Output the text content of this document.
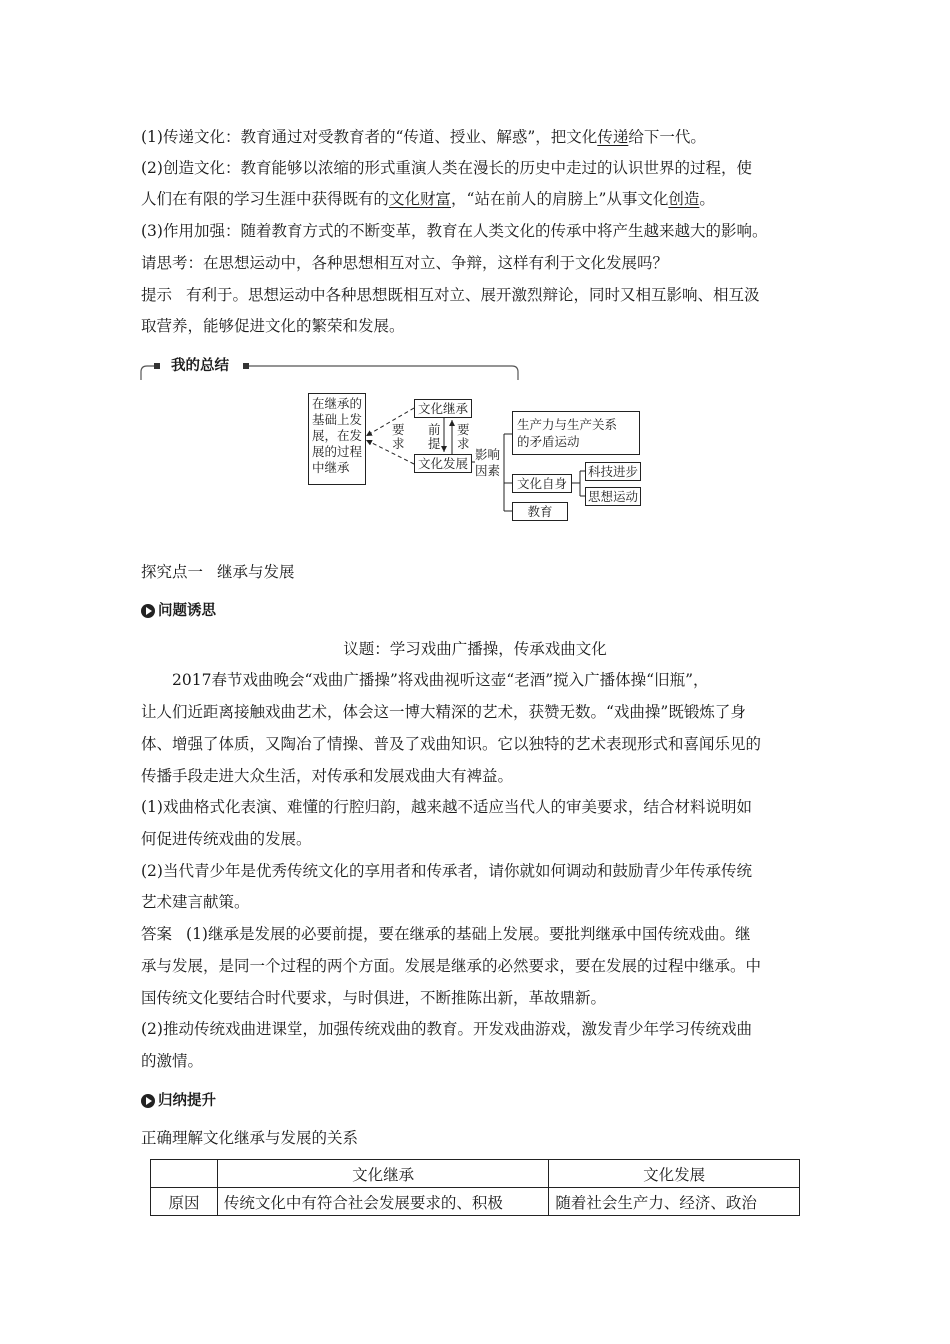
(1)传递文化：教育通过对受教育者的“传道、授业、解惑”，把文化传递给下一代。
(2)创造文化：教育能够以浓缩的形式重演人类在漫长的历史中走过的认识世界的过程，使
人们在有限的学习生涯中获得既有的文化财富，“站在前人的肩膀上”从事文化创造。
(3)作用加强：随着教育方式的不断变革，教育在人类文化的传承中将产生越来越大的影响。
请思考：在思想运动中，各种思想相互对立、争辩，这样有利于文化发展吗？
提示 有利于。思想运动中各种思想既相互对立、展开激烈辩论，同时又相互影响、相互汲
取营养，能够促进文化的繁荣和发展。
我的总结
在继承的
基础上发
展，在发
展的过程
中继承
文化继承
文化发展
要
求
前
提
要
求
影响
因素
生产力与生产关系
的矛盾运动
文化自身
科技进步
思想运动
教育
探究点一 继承与发展
问题诱思
议题：学习戏曲广播操，传承戏曲文化
2017春节戏曲晚会“戏曲广播操”将戏曲视听这壶“老酒”搅入广播体操“旧瓶”，
让人们近距离接触戏曲艺术，体会这一博大精深的艺术，获赞无数。“戏曲操”既锻炼了身
体、增强了体质，又陶冶了情操、普及了戏曲知识。它以独特的艺术表现形式和喜闻乐见的
传播手段走进大众生活，对传承和发展戏曲大有裨益。
(1)戏曲格式化表演、难懂的行腔归韵，越来越不适应当代人的审美要求，结合材料说明如
何促进传统戏曲的发展。
(2)当代青少年是优秀传统文化的享用者和传承者，请你就如何调动和鼓励青少年传承传统
艺术建言献策。
答案 (1)继承是发展的必要前提，要在继承的基础上发展。要批判继承中国传统戏曲。继
承与发展，是同一个过程的两个方面。发展是继承的必然要求，要在发展的过程中继承。中
国传统文化要结合时代要求，与时俱进，不断推陈出新，革故鼎新。
(2)推动传统戏曲进课堂，加强传统戏曲的教育。开发戏曲游戏，激发青少年学习传统戏曲
的激情。
归纳提升
正确理解文化继承与发展的关系
	文化继承	文化发展
原因	传统文化中有符合社会发展要求的、积极	随着社会生产力、经济、政治
